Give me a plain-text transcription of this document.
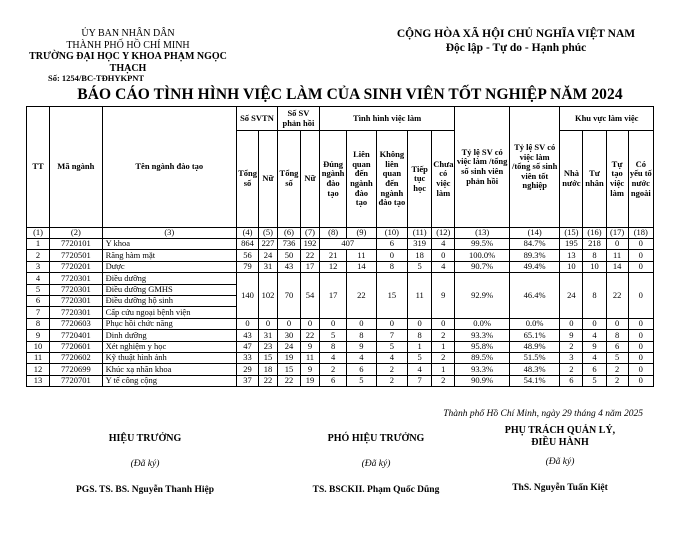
ỦY BAN NHÂN DÂN
THÀNH PHỐ HỒ CHÍ MINH
TRƯỜNG ĐẠI HỌC Y KHOA PHẠM NGỌC THẠCH
CỘNG HÒA XÃ HỘI CHỦ NGHĨA VIỆT NAM
Độc lập - Tự do - Hạnh phúc
Số: 1254/BC-TĐHYKPNT
BÁO CÁO TÌNH HÌNH VIỆC LÀM CỦA SINH VIÊN TỐT NGHIỆP NĂM 2024
TT	Mã ngành	Tên ngành đào tạo	Số SVTN		Số SV phản hồi		Tình hình việc làm					Tỷ lệ SV có việc làm /tổng số sinh viên phản hồi	Tỷ lệ SV có việc làm /tổng số sinh viên tốt nghiệp	Khu vực làm việc			
			Tổng số	Nữ	Tổng số	Nữ	Đúng ngành đào tạo	Liên quan đến ngành đào tạo	Không liên quan đến ngành đào tạo	Tiếp tục học	Chưa có việc làm			Nhà nước	Tư nhân	Tự tạo việc làm	Có yếu tố nước ngoài
(1)	(2)	(3)	(4)	(5)	(6)	(7)	(8)	(9)	(10)	(11)	(12)	(13)	(14)	(15)	(16)	(17)	(18)
1	7720101	Y khoa	864	227	736	192	407		6	319	4	99.5%	84.7%	195	218	0	0
2	7720501	Răng hàm mặt	56	24	50	22	21	11	0	18	0	100.0%	89.3%	13	8	11	0
3	7720201	Dược	79	31	43	17	12	14	8	5	4	90.7%	49.4%	10	10	14	0
4	7720301	Điều dưỡng	140	102	70	54	17	22	15	11	9	92.9%	46.4%	24	8	22	0
5	7720301	Điều dưỡng GMHS															
6	7720301	Điều dưỡng hộ sinh															
7	7720301	Cấp cứu ngoại bệnh viện															
8	7720603	Phục hồi chức năng	0	0	0	0	0	0	0	0	0	0.0%	0.0%	0	0	0	0
9	7720401	Dinh dưỡng	43	31	30	22	5	8	7	8	2	93.3%	65.1%	9	4	8	0
10	7720601	Xét nghiệm y học	47	23	24	9	8	9	5	1	1	95.8%	48.9%	2	9	6	0
11	7720602	Kỹ thuật hình ảnh	33	15	19	11	4	4	4	5	2	89.5%	51.5%	3	4	5	0
12	7720699	Khúc xạ nhãn khoa	29	18	15	9	2	6	2	4	1	93.3%	48.3%	2	6	2	0
13	7720701	Y tế công cộng	37	22	22	19	6	5	2	7	2	90.9%	54.1%	6	5	2	0
Thành phố Hồ Chí Minh, ngày 29 tháng 4 năm 2025
HIỆU TRƯỞNG
(Đã ký)
PGS. TS. BS. Nguyễn Thanh Hiệp
PHÓ HIỆU TRƯỞNG
(Đã ký)
TS. BSCKII. Phạm Quốc Dũng
PHỤ TRÁCH QUẢN LÝ,
ĐIỀU HÀNH
(Đã ký)
ThS. Nguyễn Tuấn Kiệt
